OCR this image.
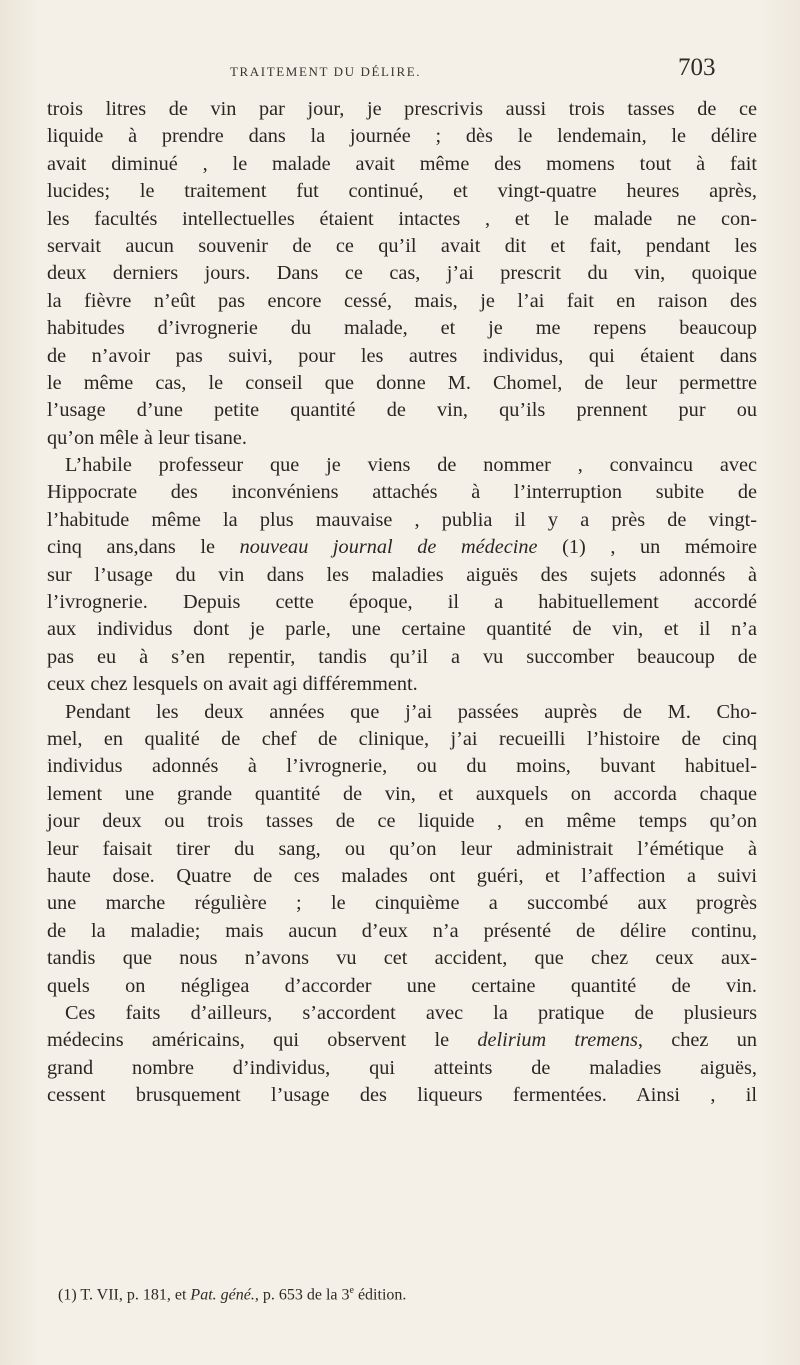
TRAITEMENT DU DÉLIRE.	703
trois litres de vin par jour, je prescrivis aussi trois tasses de ce
liquide à prendre dans la journée ; dès le lendemain, le délire
avait diminué , le malade avait même des momens tout à fait
lucides; le traitement fut continué, et vingt-quatre heures après,
les facultés intellectuelles étaient intactes , et le malade ne con-
servait aucun souvenir de ce qu’il avait dit et fait, pendant les
deux derniers jours. Dans ce cas, j’ai prescrit du vin, quoique
la fièvre n’eût pas encore cessé, mais, je l’ai fait en raison des
habitudes d’ivrognerie du malade, et je me repens beaucoup
de n’avoir pas suivi, pour les autres individus, qui étaient dans
le même cas, le conseil que donne M. Chomel, de leur permettre
l’usage d’une petite quantité de vin, qu’ils prennent pur ou
qu’on mêle à leur tisane.
L’habile professeur que je viens de nommer , convaincu avec
Hippocrate des inconvéniens attachés à l’interruption subite de
l’habitude même la plus mauvaise , publia il y a près de vingt-
cinq ans,dans le nouveau journal de médecine (1) , un mémoire
sur l’usage du vin dans les maladies aiguës des sujets adonnés à
l’ivrognerie. Depuis cette époque, il a habituellement accordé
aux individus dont je parle, une certaine quantité de vin, et il n’a
pas eu à s’en repentir, tandis qu’il a vu succomber beaucoup de
ceux chez lesquels on avait agi différemment.
Pendant les deux années que j’ai passées auprès de M. Cho-
mel, en qualité de chef de clinique, j’ai recueilli l’histoire de cinq
individus adonnés à l’ivrognerie, ou du moins, buvant habituel-
lement une grande quantité de vin, et auxquels on accorda chaque
jour deux ou trois tasses de ce liquide , en même temps qu’on
leur faisait tirer du sang, ou qu’on leur administrait l’émétique à
haute dose. Quatre de ces malades ont guéri, et l’affection a suivi
une marche régulière ; le cinquième a succombé aux progrès
de la maladie; mais aucun d’eux n’a présenté de délire continu,
tandis que nous n’avons vu cet accident, que chez ceux aux-
quels on négligea d’accorder une certaine quantité de vin.
Ces faits d’ailleurs, s’accordent avec la pratique de plusieurs
médecins américains, qui observent le delirium tremens, chez un
grand nombre d’individus, qui atteints de maladies aiguës,
cessent brusquement l’usage des liqueurs fermentées. Ainsi , il
(1) T. VII, p. 181, et Pat. géné., p. 653 de la 3e édition.
